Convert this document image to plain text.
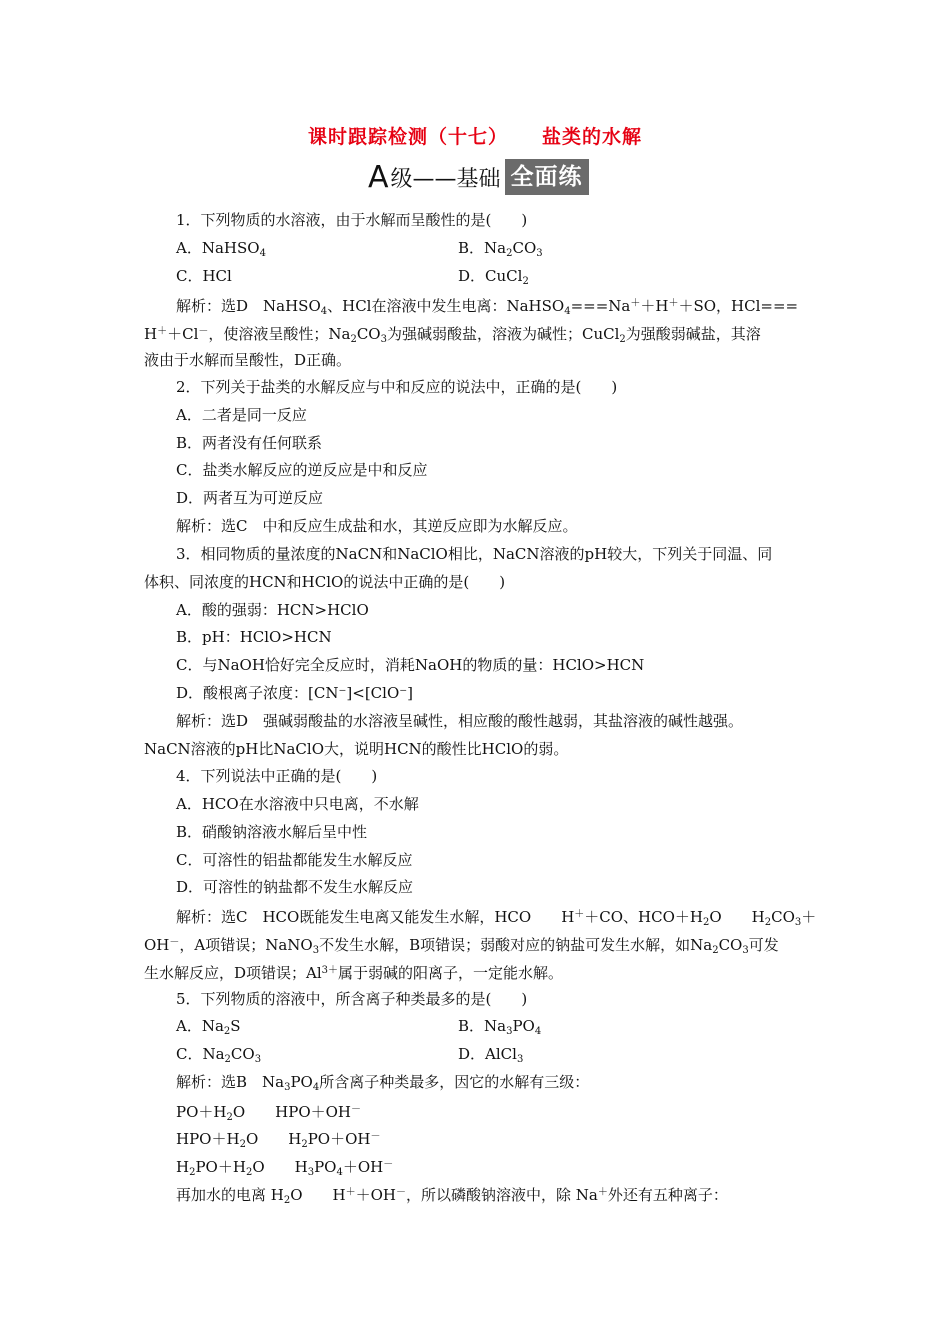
课时跟踪检测（十七） 盐类的水解
A 级——基础 全面练
1．下列物质的水溶液，由于水解而呈酸性的是(　　)
A．NaHSO$_4$	B．$Na_2CO_3$
C．HCl	D．CuCl$_2$
解析：选D　NaHSO$_4$、HCl在溶液中发生电离：NaHSO$_4$===Na＋＋H＋＋SO，HCl===
H＋＋Cl－，使溶液呈酸性；$Na_2CO_3$为强碱弱酸盐，溶液为碱性；CuCl$_2$为强酸弱碱盐，其溶
液由于水解而呈酸性，D正确。
2．下列关于盐类的水解反应与中和反应的说法中，正确的是(　　)
A．二者是同一反应
B．两者没有任何联系
C．盐类水解反应的逆反应是中和反应
D．两者互为可逆反应
解析：选C　中和反应生成盐和水，其逆反应即为水解反应。
3．相同物质的量浓度的NaCN和NaClO相比，NaCN溶液的pH较大，下列关于同温、同
体积、同浓度的HCN和HClO的说法中正确的是(　　)
A．酸的强弱：HCN>HClO
B．pH：HClO>HCN
C．与NaOH恰好完全反应时，消耗NaOH的物质的量：HClO>HCN
D．酸根离子浓度：[CN⁻]<[ClO⁻]
解析：选D　强碱弱酸盐的水溶液呈碱性，相应酸的酸性越弱，其盐溶液的碱性越强。
NaCN溶液的pH比NaClO大，说明HCN的酸性比HClO的弱。
4．下列说法中正确的是(　　)
A．HCO在水溶液中只电离，不水解
B．硝酸钠溶液水解后呈中性
C．可溶性的铝盐都能发生水解反应
D．可溶性的钠盐都不发生水解反应
解析：选C　HCO既能发生电离又能发生水解，HCO　　H＋＋CO、$HCO+H_2O$　　$H_2CO_3+$
OH－，A项错误；NaNO$_3$不发生水解，B项错误；弱酸对应的钠盐可发生水解，如$Na_2CO_3$可发
生水解反应，D项错误；$Al^{3+}$属于弱碱的阳离子，一定能水解。
5．下列物质的溶液中，所含离子种类最多的是(　　)
A．$Na_2S$	B．$Na_3PO_4$
C．$Na_2CO_3$	D．AlCl$_3$
解析：选B　$Na_3PO_4$所含离子种类最多，因它的水解有三级：
$PO+H_2O$　　HPO＋OH－
$HPO+H_2O$　　$H_2PO+OH^-$
$H_2PO+H_2O$　　$H_3PO_4+OH^-$
再加水的电离 $H_2O$　　H＋＋OH－，所以磷酸钠溶液中，除 Na＋外还有五种离子：
